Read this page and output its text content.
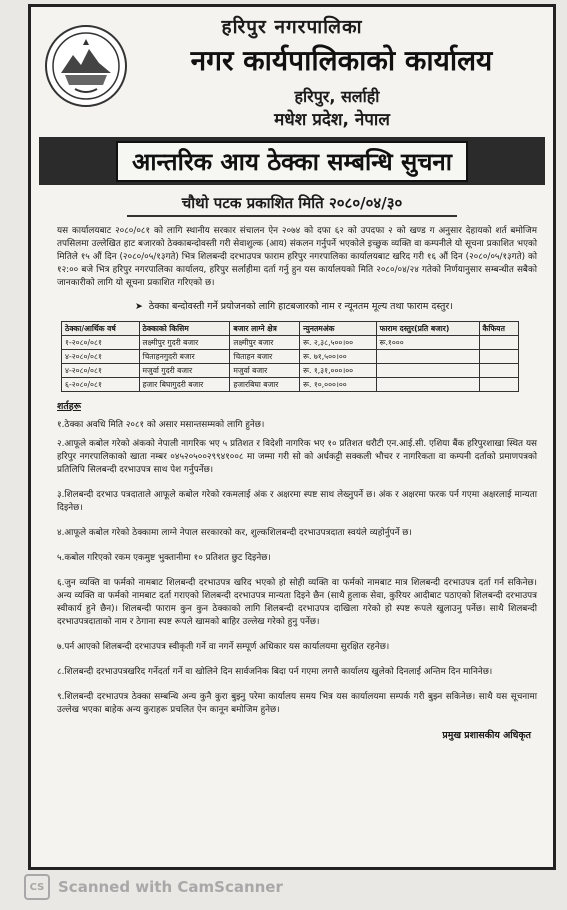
हरिपुर नगरपालिका
नगर कार्यपालिकाको कार्यालय
हरिपुर, सर्लाही
मधेश प्रदेश, नेपाल
आन्तरिक आय ठेक्का सम्बन्धि सुचना
चौथो पटक प्रकाशित मिति २०८०/०४/३०
यस कार्यालयबाट २०८०/०८१ को लागि स्थानीय सरकार संचालन ऐन २०७४ को दफा ६२ को उपदफा २ को खण्ड ग अनुसार देहायको शर्त बमोजिम तपसिलमा उल्लेखित हाट बजारको ठेक्काबन्दोवस्ती गरी सेवाशुल्क (आय) संकलन गर्नुपर्ने भएकोले इच्छुक व्यक्ति वा कम्पनीले यो सूचना प्रकाशित भएको मितिले १५ औं दिन (२०८०/०५/१३गते) भित्र शिलबन्दी दरभाउपत्र फाराम हरिपुर नगरपालिका कार्यालयबाट खरिद गरी १६ औं दिन (२०८०/०५/१३गते) को १२:०० बजे भित्र हरिपुर नगरपालिका कार्यालय, हरिपुर सर्लाहीमा दर्ता गर्नु हुन यस कार्यालयको मिति २०८०/०४/२४ गतेको निर्णयानुसार सम्बन्धीत सबैको जानकारीको लागि यो सूचना प्रकाशित गरिएको छ।
➤  ठेक्का बन्दोवस्ती गर्ने प्रयोजनको लागि हाटबजारको नाम र न्यूनतम मूल्य तथा फाराम दस्तुर।
ठेक्का/आर्थिक वर्ष	ठेक्काको किसिम	बजार लाग्ने क्षेत्र	न्युनतमअंक	फाराम दस्तुर(प्रति बजार)	कैफियत
१-२०८०/०८१	लक्ष्मीपुर गुदरी बजार	लक्ष्मीपुर बजार	रू. २,३८,५००।००	रू.१०००	
४-२०८०/०८१	चिताहनगुदरी बजार	चिताहन बजार	रू. ७१,५००।००		
४-२०८०/०८१	मजुर्वा गुदरी बजार	मजुर्वा बजार	रू. १,३१,०००।००		
६-२०८०/०८१	हजार बिघागुदरी बजार	हजारबिघा बजार	रू. १०,०००।००		
शर्तहरू
१.ठेक्का अवधि मिति २०८१ को असार मसान्तसम्मको लागि हुनेछ।
२.आफूले कबोल गरेको अंकको नेपाली नागरिक भए ५ प्रतिशत र विदेशी नागरिक भए १० प्रतिशत धरौटी एन.आई.सी. एशिया बैंक हरिपुरशाखा स्थित यस हरिपुर नगरपालिकाको खाता नम्बर ०४५२०५००२९९४१००८ मा जम्मा गरी सो को अर्धकट्टी सक्कली भौचर र नागरिकता वा कम्पनी दर्ताको प्रमाणपत्रको प्रतिलिपि सिलबन्दी दरभाउपत्र साथ पेश गर्नुपर्नेछ।
३.शिलबन्दी दरभाउ पत्रदाताले आफूले कबोल गरेको रकमलाई अंक र अक्षरमा स्पष्ट साथ लेख्नुपर्ने छ। अंक र अक्षरमा फरक पर्न गएमा अक्षरलाई मान्यता दिइनेछ।
४.आफूले कबोल गरेको ठेक्कामा लाग्ने नेपाल सरकारको कर, शुल्कशिलबन्दी दरभाउपत्रदाता स्वयंले व्यहोर्नुपर्ने छ।
५.कबोल गरिएको रकम एकमुष्ट भुक्तानीमा १० प्रतिशत छुट दिइनेछ।
६.जुन व्यक्ति वा फर्मको नामबाट शिलबन्दी दरभाउपत्र खरिद भएको हो सोही व्यक्ति वा फर्मको नामबाट मात्र शिलबन्दी दरभाउपत्र दर्ता गर्न सकिनेछ। अन्य व्यक्ति वा फर्मको नामबाट दर्ता गराएको शिलबन्दी दरभाउपत्र मान्यता दिइने छैन (साथै हुलाक सेवा, कुरियर आदीबाट पठाएको शिलबन्दी दरभाउपत्र स्वीकार्य हुने छैन)। शिलबन्दी फाराम कुन कुन ठेक्काको लागि शिलबन्दी दरभाउपत्र दाखिला गरेको हो स्पष्ट रूपले खुलाउनु पर्नेछ। साथै शिलबन्दी दरभाउपत्रदाताको नाम र ठेगाना स्पष्ट रूपले खामको बाहिर उल्लेख गरेको हुनु पर्नेछ।
७.पर्न आएको शिलबन्दी दरभाउपत्र स्वीकृती गर्ने वा नगर्ने सम्पूर्ण अधिकार यस कार्यालयमा सुरक्षित रहनेछ।
८.शिलबन्दी दरभाउपत्रखरिद गर्नेदर्ता गर्ने वा खोलिने दिन सार्वजनिक बिदा पर्न गएमा लगत्तै कार्यालय खुलेको दिनलाई अन्तिम दिन मानिनेछ।
९.शिलबन्दी दरभाउपत्र ठेक्का सम्बन्धि अन्य कुनै कुरा बुझ्नु परेमा कार्यालय समय भित्र यस कार्यालयमा सम्पर्क गरी बुझ्न सकिनेछ। साथै यस सूचनामा उल्लेख भएका बाहेक अन्य कुराहरू प्रचलित ऐन कानून बमोजिम हुनेछ।
प्रमुख प्रशासकीय अधिकृत
CS Scanned with CamScanner
